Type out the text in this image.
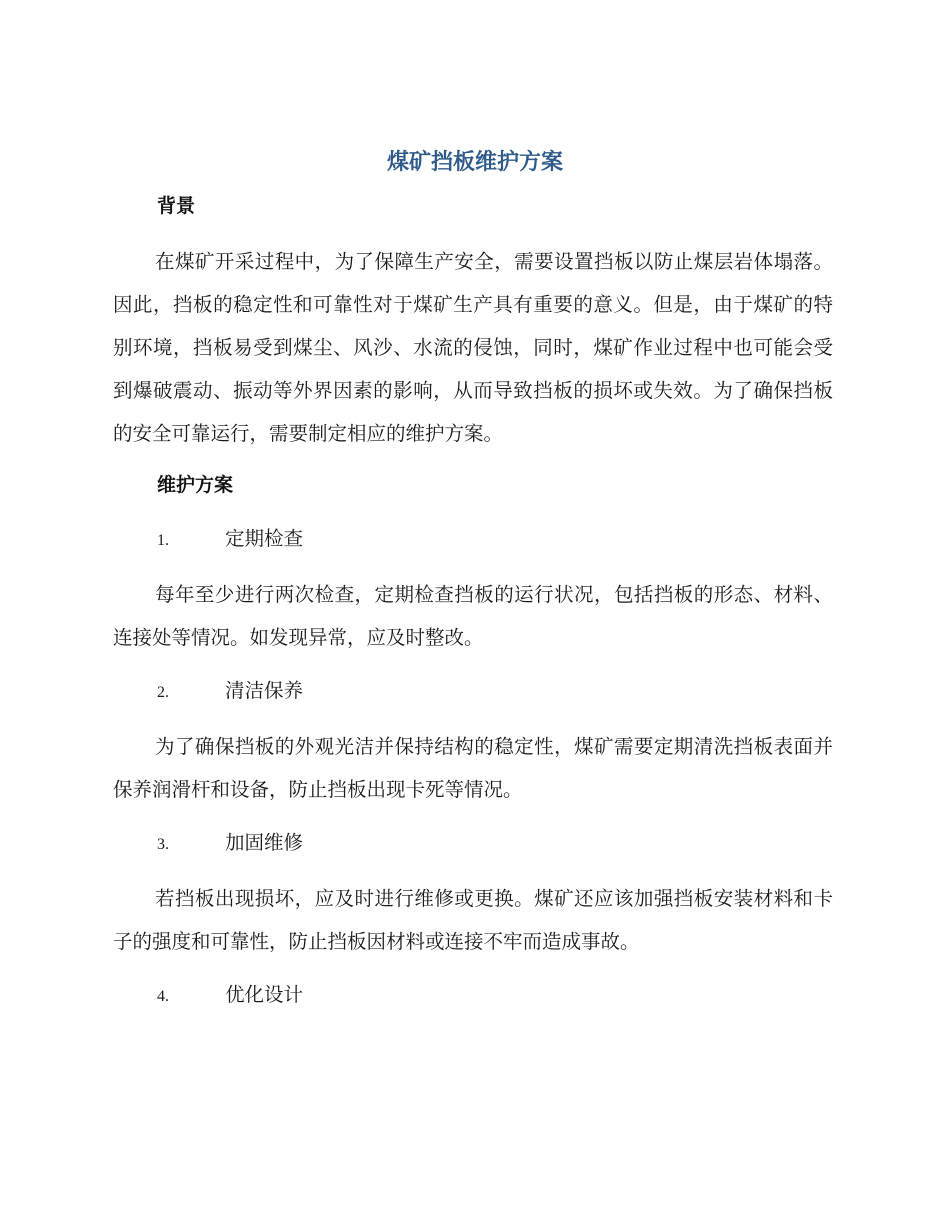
煤矿挡板维护方案
背景
在煤矿开采过程中，为了保障生产安全，需要设置挡板以防止煤层岩体塌落。因此，挡板的稳定性和可靠性对于煤矿生产具有重要的意义。但是，由于煤矿的特别环境，挡板易受到煤尘、风沙、水流的侵蚀，同时，煤矿作业过程中也可能会受到爆破震动、振动等外界因素的影响，从而导致挡板的损坏或失效。为了确保挡板的安全可靠运行，需要制定相应的维护方案。
维护方案
1.	定期检查
每年至少进行两次检查，定期检查挡板的运行状况，包括挡板的形态、材料、连接处等情况。如发现异常，应及时整改。
2.	清洁保养
为了确保挡板的外观光洁并保持结构的稳定性，煤矿需要定期清洗挡板表面并保养润滑杆和设备，防止挡板出现卡死等情况。
3.	加固维修
若挡板出现损坏，应及时进行维修或更换。煤矿还应该加强挡板安装材料和卡子的强度和可靠性，防止挡板因材料或连接不牢而造成事故。
4.	优化设计
